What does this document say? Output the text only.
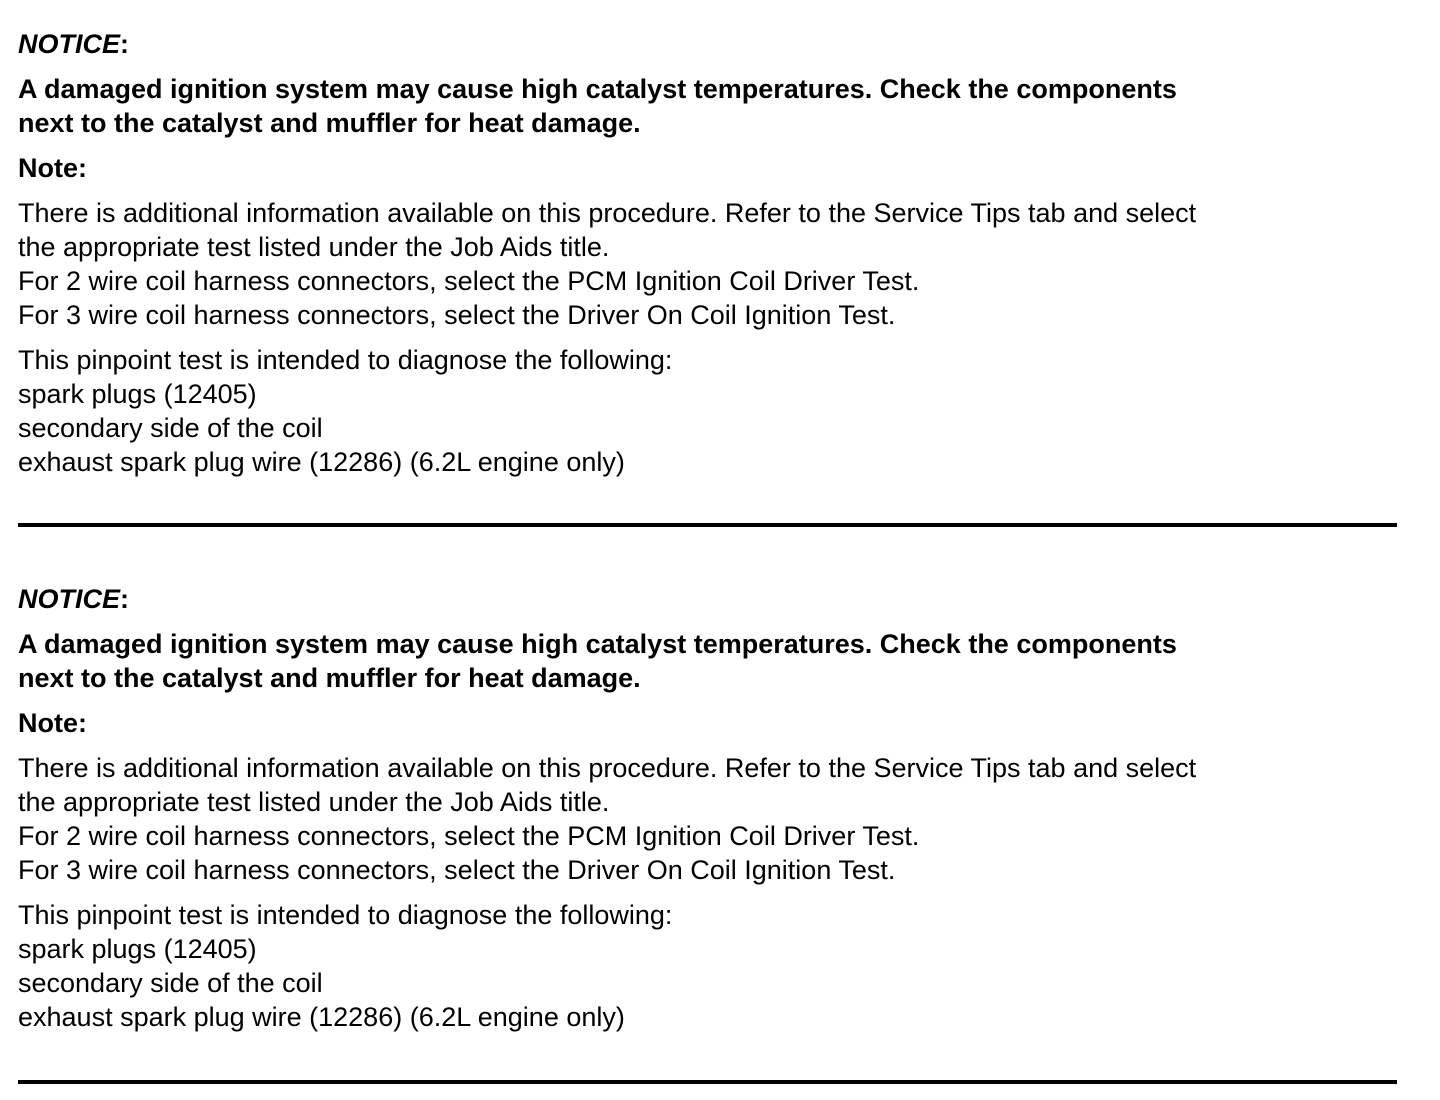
NOTICE:

A damaged ignition system may cause high catalyst temperatures. Check the components
next to the catalyst and muffler for heat damage.

Note:

There is additional information available on this procedure. Refer to the Service Tips tab and select
the appropriate test listed under the Job Aids title.
For 2 wire coil harness connectors, select the PCM Ignition Coil Driver Test.
For 3 wire coil harness connectors, select the Driver On Coil Ignition Test.

This pinpoint test is intended to diagnose the following:
spark plugs (12405)
secondary side of the coil
exhaust spark plug wire (12286) (6.2L engine only)

NOTICE:

A damaged ignition system may cause high catalyst temperatures. Check the components
next to the catalyst and muffler for heat damage.

Note:

There is additional information available on this procedure. Refer to the Service Tips tab and select
the appropriate test listed under the Job Aids title.
For 2 wire coil harness connectors, select the PCM Ignition Coil Driver Test.
For 3 wire coil harness connectors, select the Driver On Coil Ignition Test.

This pinpoint test is intended to diagnose the following:
spark plugs (12405)
secondary side of the coil
exhaust spark plug wire (12286) (6.2L engine only)
